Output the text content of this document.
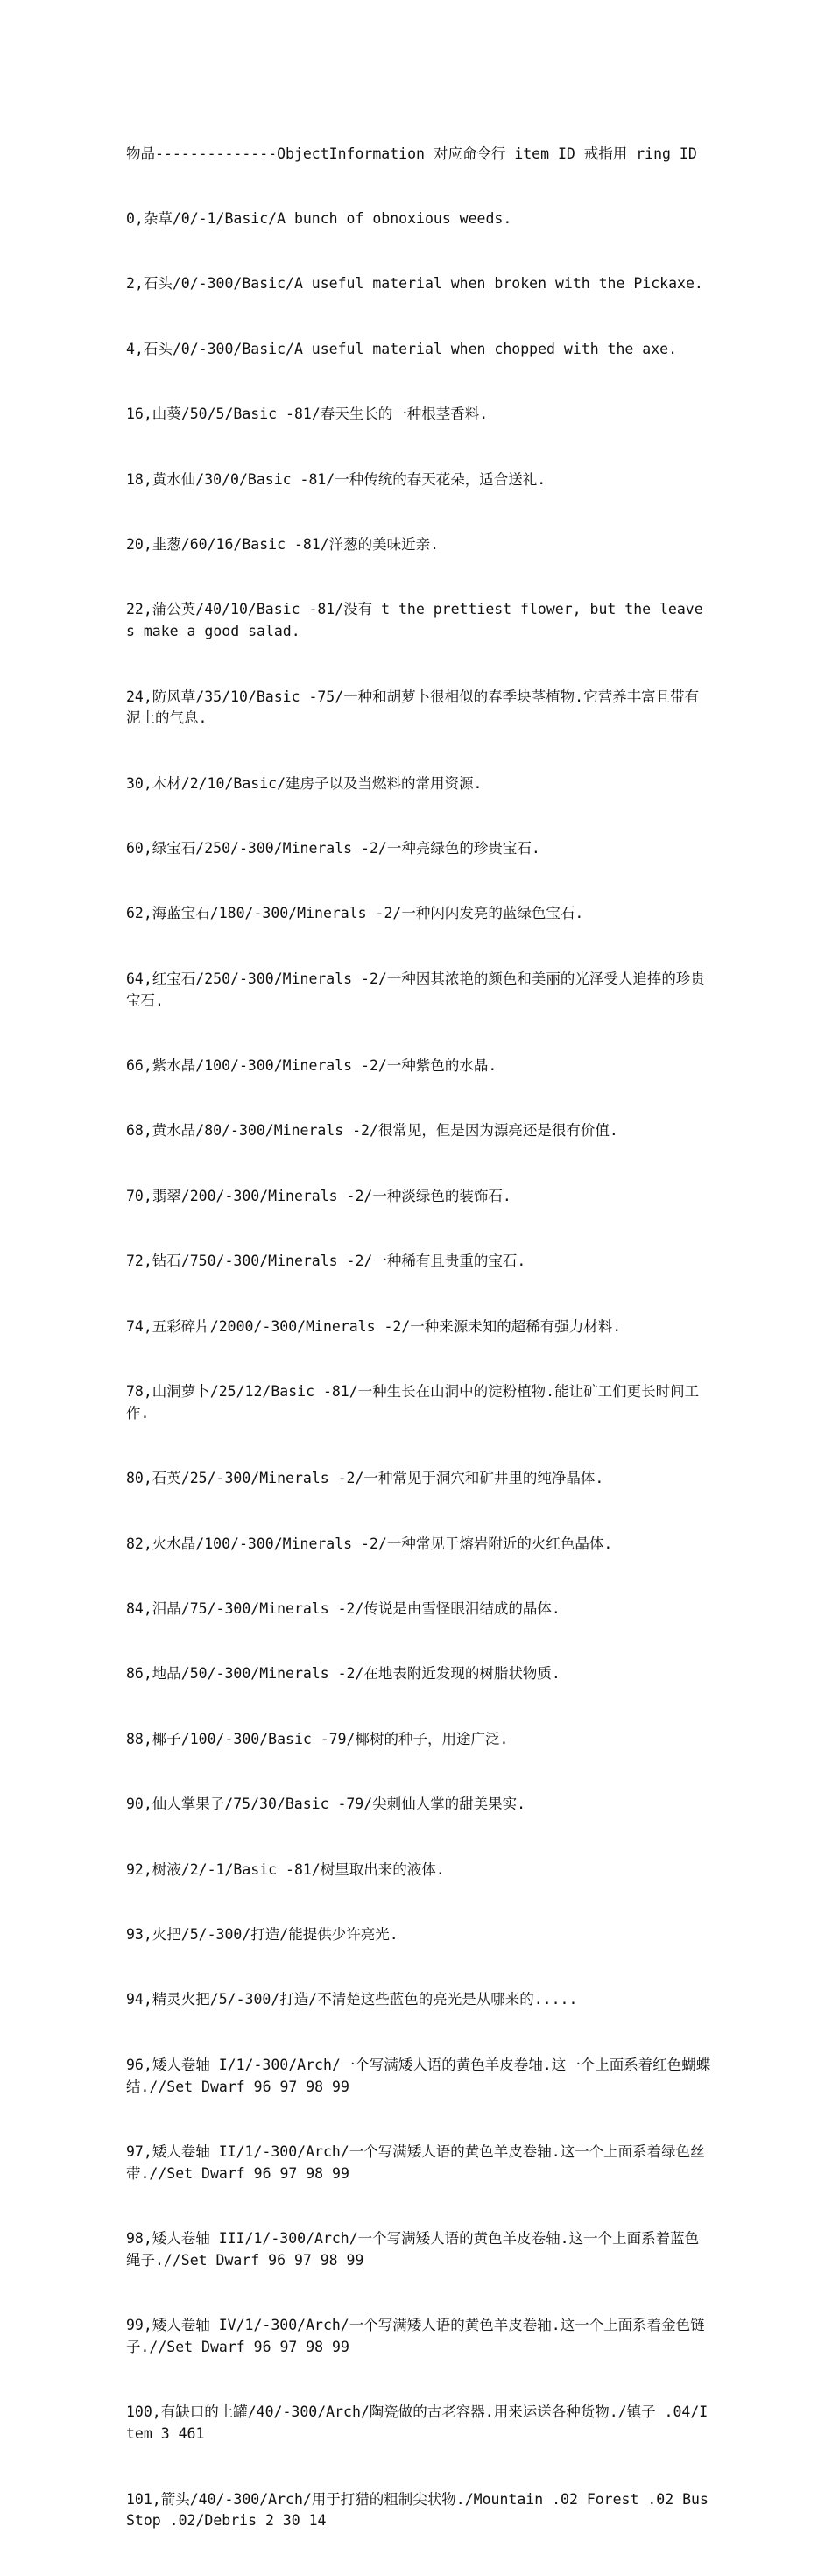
物品--------------ObjectInformation 对应命令行 item ID 戒指用 ring ID

0,杂草/0/-1/Basic/A bunch of obnoxious weeds.

2,石头/0/-300/Basic/A useful material when broken with the Pickaxe.

4,石头/0/-300/Basic/A useful material when chopped with the axe.

16,山葵/50/5/Basic -81/春天生长的一种根茎香料.

18,黄水仙/30/0/Basic -81/一种传统的春天花朵，适合送礼.

20,韭葱/60/16/Basic -81/洋葱的美味近亲.

22,蒲公英/40/10/Basic -81/没有 t the prettiest flower, but the leaves make a good salad.

24,防风草/35/10/Basic -75/一种和胡萝卜很相似的春季块茎植物.它营养丰富且带有泥土的气息.

30,木材/2/10/Basic/建房子以及当燃料的常用资源.

60,绿宝石/250/-300/Minerals -2/一种亮绿色的珍贵宝石.

62,海蓝宝石/180/-300/Minerals -2/一种闪闪发亮的蓝绿色宝石.

64,红宝石/250/-300/Minerals -2/一种因其浓艳的颜色和美丽的光泽受人追捧的珍贵宝石.

66,紫水晶/100/-300/Minerals -2/一种紫色的水晶.

68,黄水晶/80/-300/Minerals -2/很常见，但是因为漂亮还是很有价值.

70,翡翠/200/-300/Minerals -2/一种淡绿色的装饰石.

72,钻石/750/-300/Minerals -2/一种稀有且贵重的宝石.

74,五彩碎片/2000/-300/Minerals -2/一种来源未知的超稀有强力材料.

78,山洞萝卜/25/12/Basic -81/一种生长在山洞中的淀粉植物.能让矿工们更长时间工作.

80,石英/25/-300/Minerals -2/一种常见于洞穴和矿井里的纯净晶体.

82,火水晶/100/-300/Minerals -2/一种常见于熔岩附近的火红色晶体.

84,泪晶/75/-300/Minerals -2/传说是由雪怪眼泪结成的晶体.

86,地晶/50/-300/Minerals -2/在地表附近发现的树脂状物质.

88,椰子/100/-300/Basic -79/椰树的种子，用途广泛.

90,仙人掌果子/75/30/Basic -79/尖刺仙人掌的甜美果实.

92,树液/2/-1/Basic -81/树里取出来的液体.

93,火把/5/-300/打造/能提供少许亮光.

94,精灵火把/5/-300/打造/不清楚这些蓝色的亮光是从哪来的.....

96,矮人卷轴 I/1/-300/Arch/一个写满矮人语的黄色羊皮卷轴.这一个上面系着红色蝴蝶结.//Set Dwarf 96 97 98 99

97,矮人卷轴 II/1/-300/Arch/一个写满矮人语的黄色羊皮卷轴.这一个上面系着绿色丝带.//Set Dwarf 96 97 98 99

98,矮人卷轴 III/1/-300/Arch/一个写满矮人语的黄色羊皮卷轴.这一个上面系着蓝色绳子.//Set Dwarf 96 97 98 99

99,矮人卷轴 IV/1/-300/Arch/一个写满矮人语的黄色羊皮卷轴.这一个上面系着金色链子.//Set Dwarf 96 97 98 99

100,有缺口的土罐/40/-300/Arch/陶瓷做的古老容器.用来运送各种货物./镇子 .04/Item 3 461

101,箭头/40/-300/Arch/用于打猎的粗制尖状物./Mountain .02 Forest .02 BusStop .02/Debris 2 30 14
